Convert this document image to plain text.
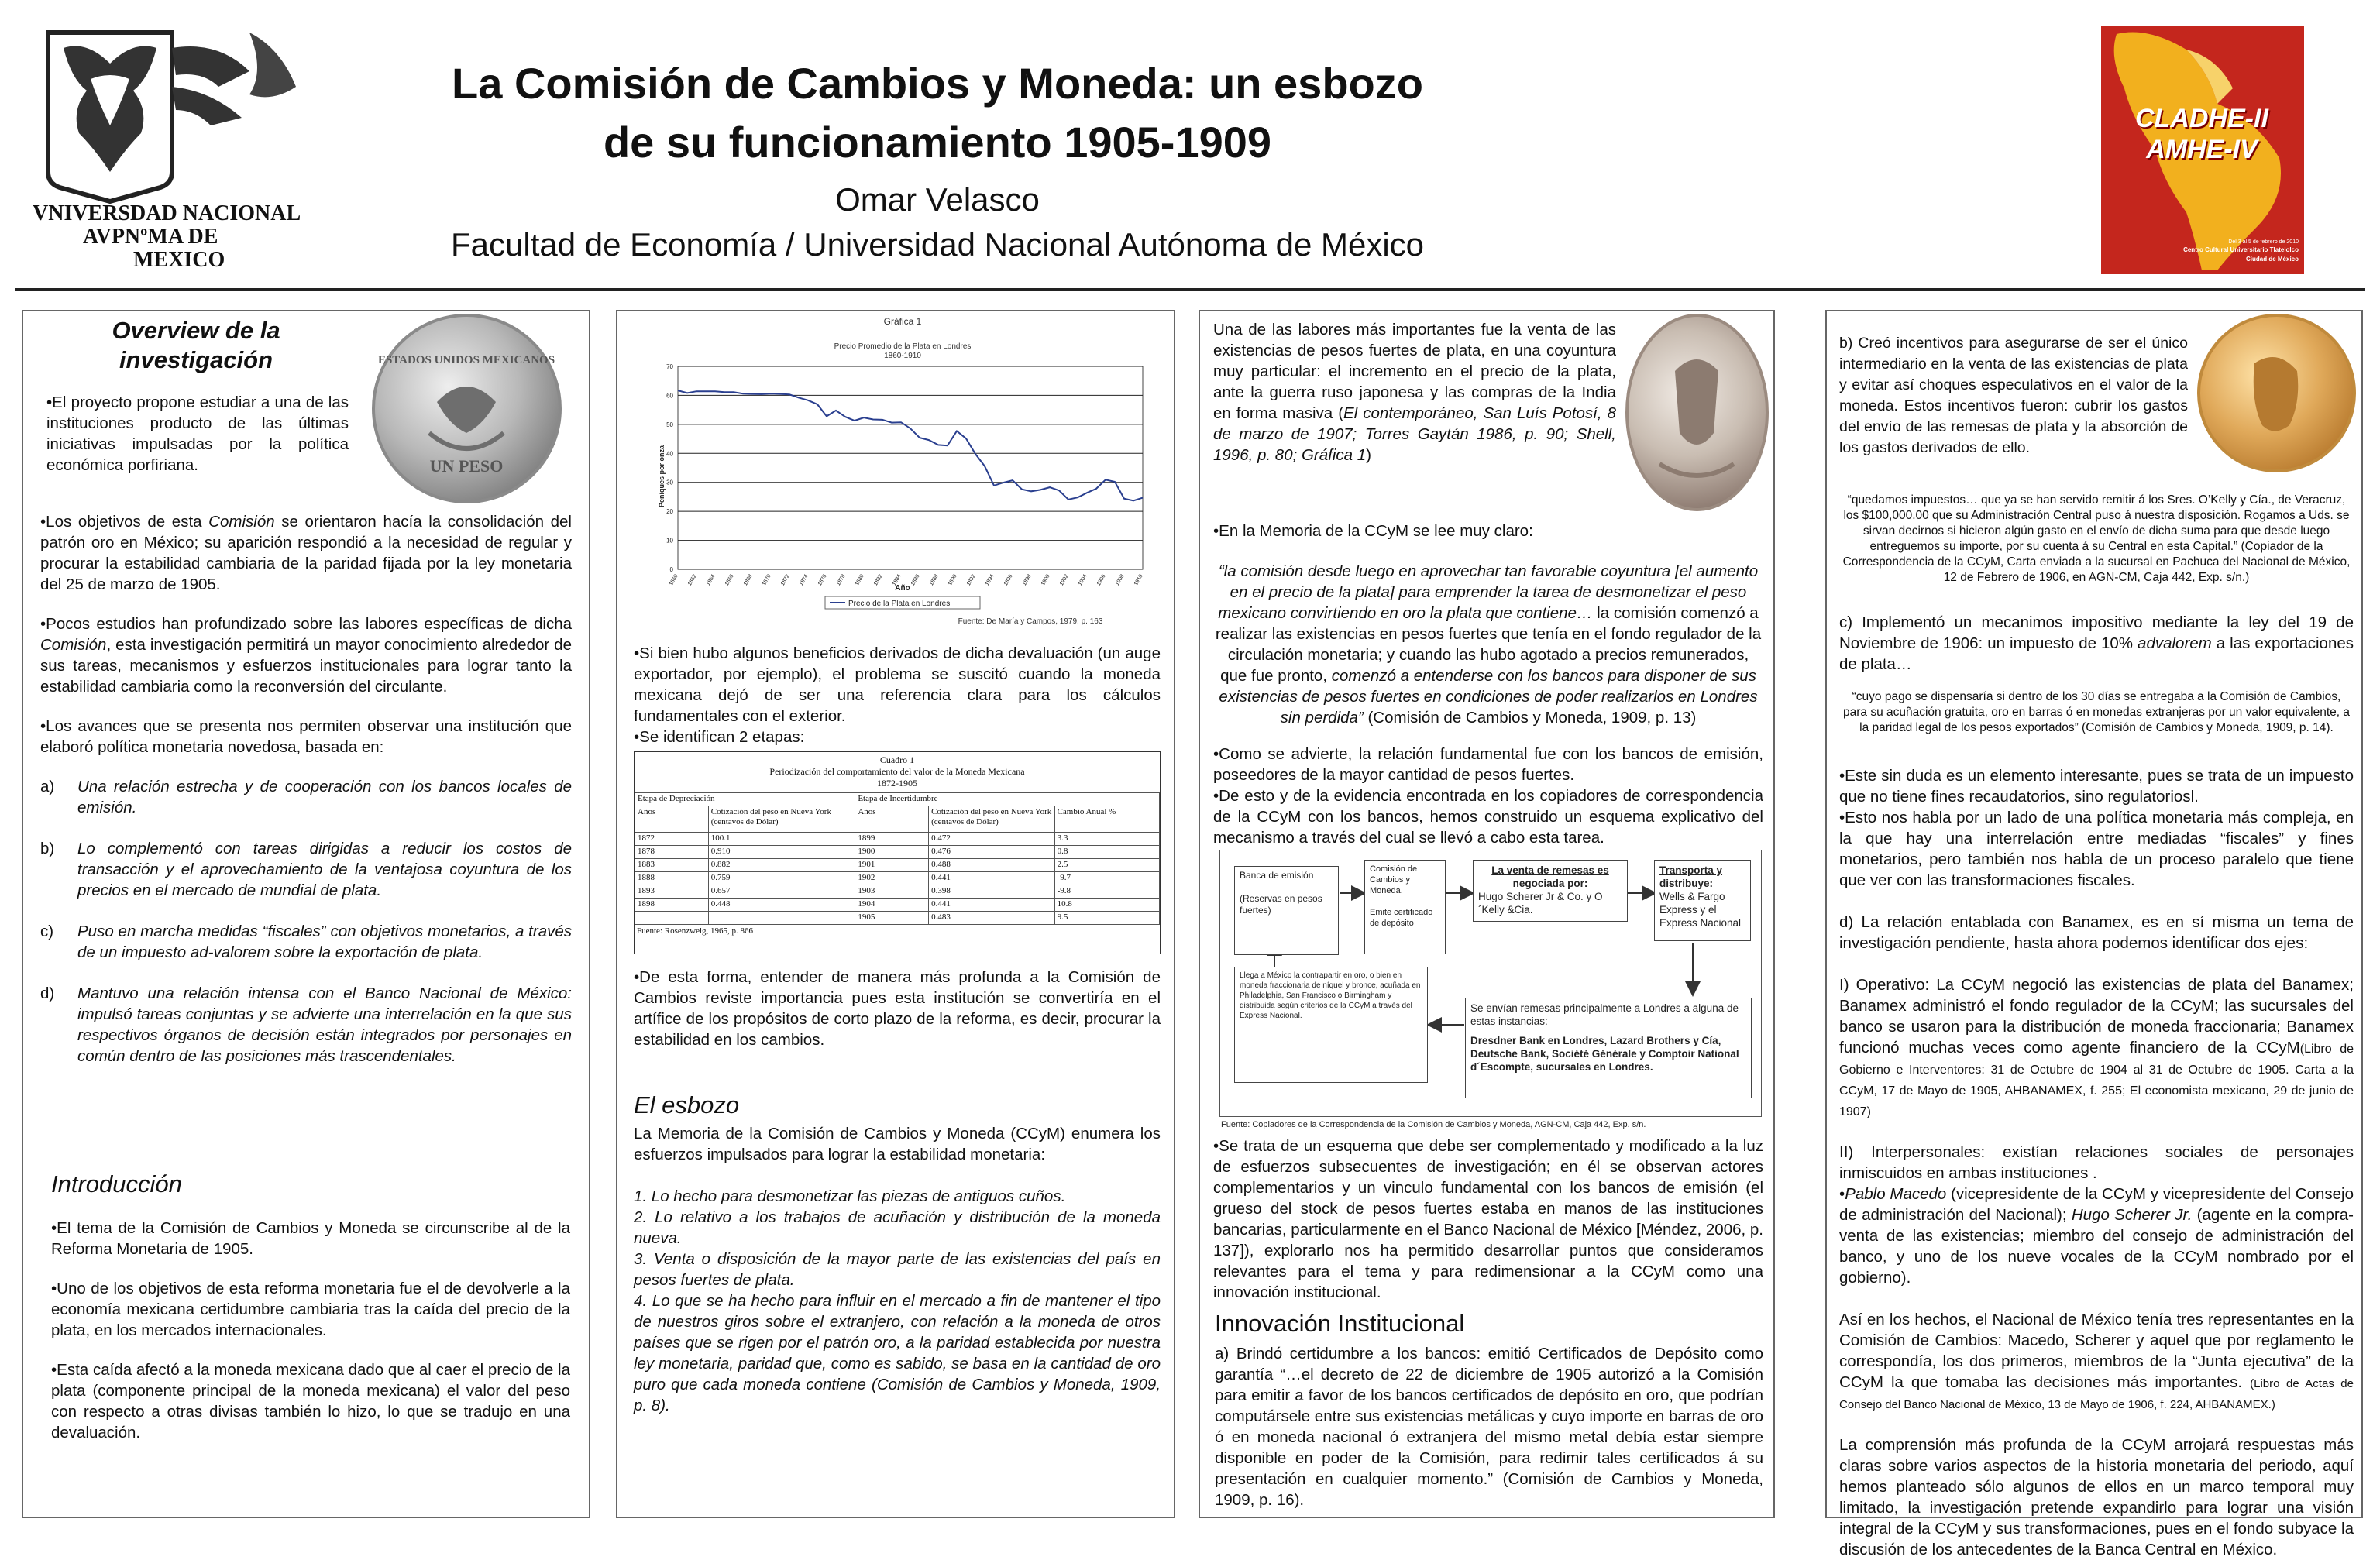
VNIVERSDAD NACIONAL
AVPNºMA DE
MEXICO
La Comisión de Cambios y Moneda: un esbozo de su funcionamiento 1905-1909
Omar Velasco
Facultad de Economía / Universidad Nacional Autónoma de México
CLADHE-II
AMHE-IV
Del 3 al 5 de febrero de 2010
Centro Cultural Universitario Tlatelolco
Ciudad de México
Overview de la investigación	ESTADOS UNIDOS MEXICANOS
UN PESO
•El proyecto propone estudiar a una de las instituciones producto de las últimas iniciativas impulsadas por la política económica porfiriana.

•Los objetivos de esta Comisión se orientaron hacía la consolidación del patrón oro en México; su aparición respondió a la necesidad de regular y procurar la estabilidad cambiaria de la paridad fijada por la ley monetaria del 25 de marzo de 1905.

•Pocos estudios han profundizado sobre las labores específicas de dicha Comisión, esta investigación permitirá un mayor conocimiento alrededor de sus tareas, mecanismos y esfuerzos institucionales para lograr tanto la estabilidad cambiaria como la reconversión del circulante.

•Los avances que se presenta nos permiten observar una institución que elaboró política monetaria novedosa, basada en:

a)	Una relación estrecha y de cooperación con los bancos locales de emisión.
b)	Lo complementó con tareas dirigidas a reducir los costos de transacción y el aprovechamiento de la ventajosa coyuntura de los precios en el mercado de mundial de plata.
c)	Puso en marcha medidas “fiscales” con objetivos monetarios, a través de un impuesto ad-valorem sobre la exportación de plata.
d)	Mantuvo una relación intensa con el Banco Nacional de México: impulsó tareas conjuntas y se advierte una interrelación en la que sus respectivos órganos de decisión están integrados por personajes en común dentro de las posiciones más trascendentales.
Introducción

•El tema de la Comisión de Cambios y Moneda se circunscribe al de la Reforma Monetaria de 1905.

•Uno de los objetivos de esta reforma monetaria fue el de devolverle a la economía mexicana certidumbre cambiaria tras la caída del precio de la plata, en los mercados internacionales.

•Esta caída afectó a la moneda mexicana dado que al caer el precio de la plata (componente principal de la moneda mexicana) el valor del peso con respecto a otras divisas también lo hizo, lo que se tradujo en una devaluación.

Gráfica 1
Precio Promedio de la Plata en Londres
1860-1910
0
10
20
30
40
50
60
70
1860 1862 1864 1866 1868 1870 1872 1874 1876 1878 1880 1882 1884 1886 1888 1890 1892 1894 1896 1898 1900 1902 1904 1906 1908 1910
Año
Peniques por onza
Precio de la Plata en Londres
Fuente: De María y Campos, 1979, p. 163
•Si bien hubo algunos beneficios derivados de dicha devaluación (un auge exportador, por ejemplo), el problema se suscitó cuando la moneda mexicana dejó de ser una referencia clara para los cálculos fundamentales con el exterior.
•Se identifican 2 etapas:
Cuadro 1
Periodización del comportamiento del valor de la Moneda Mexicana
1872-1905
Etapa de Depreciación		Etapa de Incertidumbre		
Años	Cotización del peso en Nueva York (centavos de Dólar)	Años	Cotización del peso en Nueva York (centavos de Dólar)	Cambio Anual %
1872	100.1	1899	0.472	3.3
1878	0.910	1900	0.476	0.8
1883	0.882	1901	0.488	2.5
1888	0.759	1902	0.441	-9.7
1893	0.657	1903	0.398	-9.8
1898	0.448	1904	0.441	10.8
		1905	0.483	9.5
Fuente: Rosenzweig, 1965, p. 866
•De esta forma, entender de manera más profunda a la Comisión de Cambios reviste importancia pues esta institución se convertiría en el artífice de los propósitos de corto plazo de la reforma, es decir, procurar la estabilidad en los cambios.
El esbozo
La Memoria de la Comisión de Cambios y Moneda (CCyM) enumera los esfuerzos impulsados para lograr la estabilidad monetaria:
1. Lo hecho para desmonetizar las piezas de antiguos cuños.
2. Lo relativo a los trabajos de acuñación y distribución de la moneda nueva.
3. Venta o disposición de la mayor parte de las existencias del país en pesos fuertes de plata.
4. Lo que se ha hecho para influir en el mercado a fin de mantener el tipo de nuestros giros sobre el extranjero, con relación a la moneda de otros países que se rigen por el patrón oro, a la paridad establecida por nuestra ley monetaria, paridad que, como es sabido, se basa en la cantidad de oro puro que cada moneda contiene (Comisión de Cambios y Moneda, 1909, p. 8).
Una de las labores más importantes fue la venta de las existencias de pesos fuertes de plata, en una coyuntura muy particular: el incremento en el precio de la plata, ante la guerra ruso japonesa y las compras de la India en forma masiva (El contemporáneo, San Luís Potosí, 8 de marzo de 1907; Torres Gaytán 1986, p. 90; Shell, 1996, p. 80; Gráfica 1)
•En la Memoria de la CCyM se lee muy claro:
“la comisión desde luego en aprovechar tan favorable coyuntura [el aumento en el precio de la plata] para emprender la tarea de desmonetizar el peso mexicano convirtiendo en oro la plata que contiene… la comisión comenzó a realizar las existencias en pesos fuertes que tenía en el fondo regulador de la circulación monetaria; y cuando las hubo agotado a precios remunerados, que fue pronto, comenzó a entenderse con los bancos para disponer de sus existencias de pesos fuertes en condiciones de poder realizarlos en Londres sin perdida” (Comisión de Cambios y Moneda, 1909, p. 13)
•Como se advierte, la relación fundamental fue con los bancos de emisión, poseedores de la mayor cantidad de pesos fuertes.
•De esto y de la evidencia encontrada en los copiadores de correspondencia de la CCyM con los bancos, hemos construido un esquema explicativo del mecanismo a través del cual se llevó a cabo esta tarea.
Banca de emisión

(Reservas en pesos fuertes)
Comisión de Cambios y Moneda.

Emite certificado de depósito
La venta de remesas es negociada por:
Hugo Scherer Jr & Co. y O´Kelly &Cia.
Transporta y distribuye:
Wells & Fargo Express y el Express Nacional
Llega a México la contrapartir en oro, o bien en moneda fraccionaria de níquel y bronce, acuñada en Philadelphia, San Francisco o Birmingham y distribuida según criterios de la CCyM a través del Express Nacional.
Se envían remesas principalmente a Londres a alguna de estas instancias:
Dresdner Bank en Londres, Lazard Brothers y Cía, Deutsche Bank, Société Générale y Comptoir National d´Escompte, sucursales en Londres.
Fuente: Copiadores de la Correspondencia de la Comisión de Cambios y Moneda, AGN-CM, Caja 442, Exp. s/n.
•Se trata de un esquema que debe ser complementado y modificado a la luz de esfuerzos subsecuentes de investigación; en él se observan actores complementarios y un vinculo fundamental con los bancos de emisión (el grueso del stock de pesos fuertes estaba en manos de las instituciones bancarias, particularmente en el Banco Nacional de México [Méndez, 2006, p. 137]), explorarlo nos ha permitido desarrollar puntos que consideramos relevantes para el tema y para redimensionar a la CCyM como una innovación institucional.
Innovación Institucional
a) Brindó certidumbre a los bancos: emitió Certificados de Depósito como garantía “…el decreto de 22 de diciembre de 1905 autorizó a la Comisión para emitir a favor de los bancos certificados de depósito en oro, que podrían computársele entre sus existencias metálicas y cuyo importe en barras de oro ó en moneda nacional ó extranjera del mismo metal debía estar siempre disponible en poder de la Comisión, para redimir tales certificados á su presentación en cualquier momento.” (Comisión de Cambios y Moneda, 1909, p. 16).
b) Creó incentivos para asegurarse de ser el único intermediario en la venta de las existencias de plata y evitar así choques especulativos en el valor de la moneda. Estos incentivos fueron: cubrir los gastos del envío de las remesas de plata y la absorción de los gastos derivados de ello.
“quedamos impuestos… que ya se han servido remitir á los Sres. O’Kelly y Cía., de Veracruz, los $100,000.00 que su Administración Central puso á nuestra disposición. Rogamos a Uds. se sirvan decirnos si hicieron algún gasto en el envío de dicha suma para que desde luego entreguemos su importe, por su cuenta á su Central en esta Capital.” (Copiador de la Correspondencia de la CCyM, Carta enviada a la sucursal en Pachuca del Nacional de México, 12 de Febrero de 1906, en AGN-CM, Caja 442, Exp. s/n.)
c) Implementó un mecanimos impositivo mediante la ley del 19 de Noviembre de 1906: un impuesto de 10% advalorem a las exportaciones de plata…
“cuyo pago se dispensaría si dentro de los 30 días se entregaba a la Comisión de Cambios, para su acuñación gratuita, oro en barras ó en monedas extranjeras por un valor equivalente, a la paridad legal de los pesos exportados” (Comisión de Cambios y Moneda, 1909, p. 14).
•Este sin duda es un elemento interesante, pues se trata de un impuesto que no tiene fines recaudatorios, sino regulatoriosl.
•Esto nos habla por un lado de una política monetaria más compleja, en la que hay una interrelación entre mediadas “fiscales” y fines monetarios, pero también nos habla de un proceso paralelo que tiene que ver con las transformaciones fiscales.
d) La relación entablada con Banamex, es en sí misma un tema de investigación pendiente, hasta ahora podemos identificar dos ejes:
I) Operativo: La CCyM negoció las existencias de plata del Banamex; Banamex administró el fondo regulador de la CCyM; las sucursales del banco se usaron para la distribución de moneda fraccionaria; Banamex funcionó muchas veces como agente financiero de la CCyM(Libro de Gobierno e Interventores: 31 de Octubre de 1904 al 31 de Octubre de 1905. Carta a la CCyM, 17 de Mayo de 1905, AHBANAMEX, f. 255; El economista mexicano, 29 de junio de 1907)
II) Interpersonales: existían relaciones sociales de personajes inmiscuidos en ambas instituciones .
•Pablo Macedo (vicepresidente de la CCyM y vicepresidente del Consejo de administración del Nacional); Hugo Scherer Jr. (agente en la compra-venta de las existencias; miembro del consejo de administración del banco, y uno de los nueve vocales de la CCyM nombrado por el gobierno).
Así en los hechos, el Nacional de México tenía tres representantes en la Comisión de Cambios: Macedo, Scherer y aquel que por reglamento le correspondía, los dos primeros, miembros de la “Junta ejecutiva” de la CCyM la que tomaba las decisiones más importantes. (Libro de Actas de Consejo del Banco Nacional de México, 13 de Mayo de 1906, f. 224, AHBANAMEX.)
La comprensión más profunda de la CCyM arrojará respuestas más claras sobre varios aspectos de la historia monetaria del periodo, aquí hemos planteado sólo algunos de ellos en un marco temporal muy limitado, la investigación pretende expandirlo para lograr una visión integral de la CCyM y sus transformaciones, pues en el fondo subyace la discusión de los antecedentes de la Banca Central en México.
